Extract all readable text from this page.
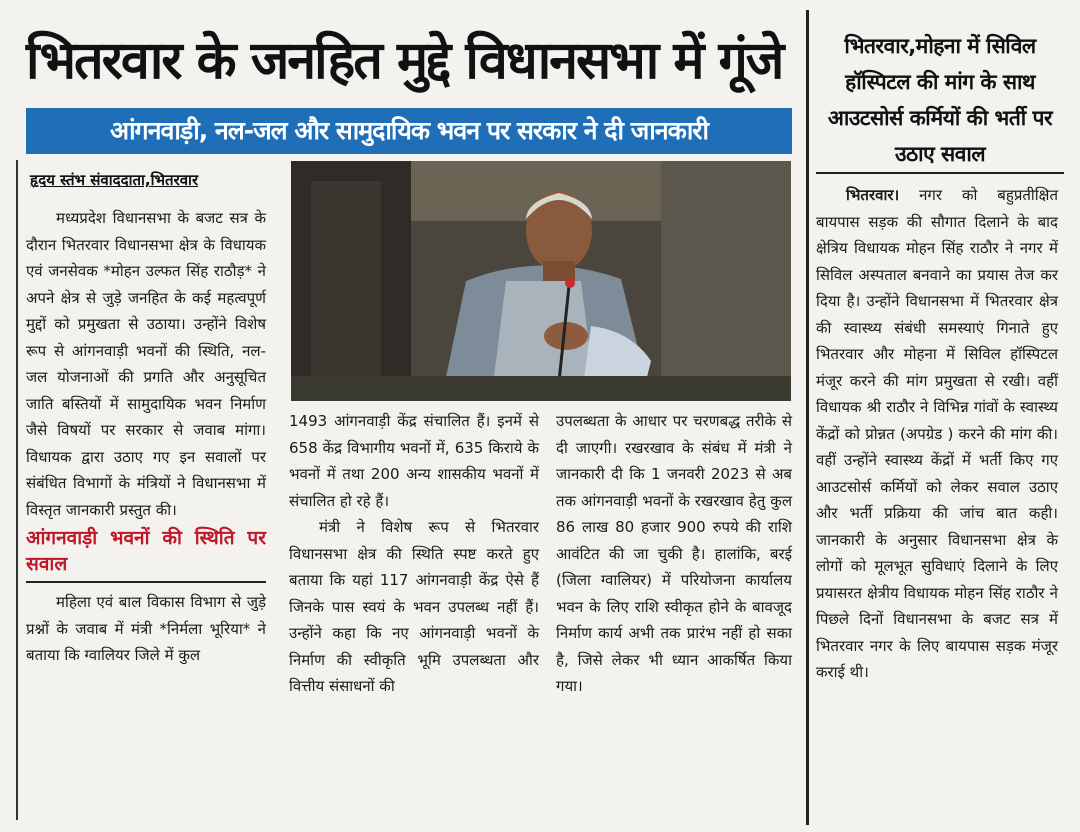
भितरवार के जनहित मुद्दे विधानसभा में गूंजे
आंगनवाड़ी, नल-जल और सामुदायिक भवन पर सरकार ने दी जानकारी
हृदय स्तंभ संवाददाता,भितरवार

मध्यप्रदेश विधानसभा के बजट सत्र के दौरान भितरवार विधानसभा क्षेत्र के विधायक एवं जनसेवक *मोहन उल्फत सिंह राठौड़* ने अपने क्षेत्र से जुड़े जनहित के कई महत्वपूर्ण मुद्दों को प्रमुखता से उठाया। उन्होंने विशेष रूप से आंगनवाड़ी भवनों की स्थिति, नल-जल योजनाओं की प्रगति और अनुसूचित जाति बस्तियों में सामुदायिक भवन निर्माण जैसे विषयों पर सरकार से जवाब मांगा। विधायक द्वारा उठाए गए इन सवालों पर संबंधित विभागों के मंत्रियों ने विधानसभा में विस्तृत जानकारी प्रस्तुत की।

आंगनवाड़ी भवनों की स्थिति पर सवाल

महिला एवं बाल विकास विभाग से जुड़े प्रश्नों के जवाब में मंत्री *निर्मला भूरिया* ने बताया कि ग्वालियर जिले में कुल

1493 आंगनवाड़ी केंद्र संचालित हैं। इनमें से 658 केंद्र विभागीय भवनों में, 635 किराये के भवनों में तथा 200 अन्य शासकीय भवनों में संचालित हो रहे हैं।

मंत्री ने विशेष रूप से भितरवार विधानसभा क्षेत्र की स्थिति स्पष्ट करते हुए बताया कि यहां 117 आंगनवाड़ी केंद्र ऐसे हैं जिनके पास स्वयं के भवन उपलब्ध नहीं हैं। उन्होंने कहा कि नए आंगनवाड़ी भवनों के निर्माण की स्वीकृति भूमि उपलब्धता और वित्तीय संसाधनों की

उपलब्धता के आधार पर चरणबद्ध तरीके से दी जाएगी। रखरखाव के संबंध में मंत्री ने जानकारी दी कि 1 जनवरी 2023 से अब तक आंगनवाड़ी भवनों के रखरखाव हेतु कुल 86 लाख 80 हजार 900 रुपये की राशि आवंटित की जा चुकी है। हालांकि, बरई (जिला ग्वालियर) में परियोजना कार्यालय भवन के लिए राशि स्वीकृत होने के बावजूद निर्माण कार्य अभी तक प्रारंभ नहीं हो सका है, जिसे लेकर भी ध्यान आकर्षित किया गया।

भितरवार,मोहना में सिविल हॉस्पिटल की मांग के साथ आउटसोर्स कर्मियों की भर्ती पर उठाए सवाल

भितरवार। नगर को बहुप्रतीक्षित बायपास सड़क की सौगात दिलाने के बाद क्षेत्रिय विधायक मोहन सिंह राठौर ने नगर में सिविल अस्पताल बनवाने का प्रयास तेज कर दिया है। उन्होंने विधानसभा में भितरवार क्षेत्र की स्वास्थ्य संबंधी समस्याएं गिनाते हुए भितरवार और मोहना में सिविल हॉस्पिटल मंजूर करने की मांग प्रमुखता से रखी। वहीं विधायक श्री राठौर ने विभिन्न गांवों के स्वास्थ्य केंद्रों को प्रोन्नत (अपग्रेड ) करने की मांग की। वहीं उन्होंने स्वास्थ्य केंद्रों में भर्ती किए गए आउटसोर्स कर्मियों को लेकर सवाल उठाए और भर्ती प्रक्रिया की जांच बात कही। जानकारी के अनुसार विधानसभा क्षेत्र के लोगों को मूलभूत सुविधाएं दिलाने के लिए प्रयासरत क्षेत्रीय विधायक मोहन सिंह राठौर ने पिछले दिनों विधानसभा के बजट सत्र में भितरवार नगर के लिए बायपास सड़क मंजूर कराई थी।
